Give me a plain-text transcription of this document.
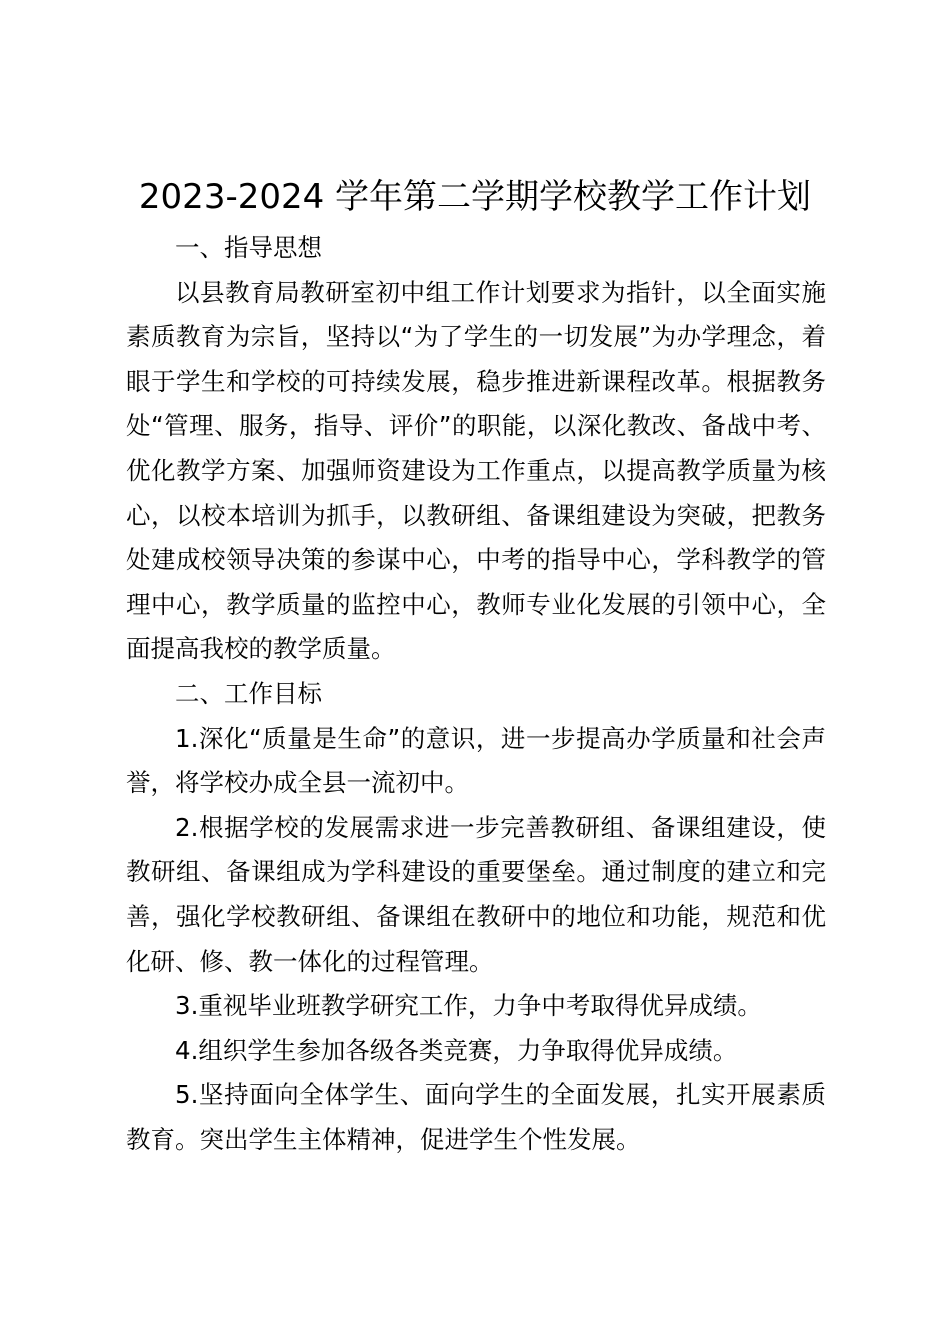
2023-2024 学年第二学期学校教学工作计划
一、指导思想

以县教育局教研室初中组工作计划要求为指针，以全面实施素质教育为宗旨，坚持以“为了学生的一切发展”为办学理念，着眼于学生和学校的可持续发展，稳步推进新课程改革。根据教务处“管理、服务，指导、评价”的职能，以深化教改、备战中考、优化教学方案、加强师资建设为工作重点，以提高教学质量为核心，以校本培训为抓手，以教研组、备课组建设为突破，把教务处建成校领导决策的参谋中心，中考的指导中心，学科教学的管理中心，教学质量的监控中心，教师专业化发展的引领中心，全面提高我校的教学质量。

二、工作目标

1.深化“质量是生命”的意识，进一步提高办学质量和社会声誉，将学校办成全县一流初中。

2.根据学校的发展需求进一步完善教研组、备课组建设，使教研组、备课组成为学科建设的重要堡垒。通过制度的建立和完善，强化学校教研组、备课组在教研中的地位和功能，规范和优化研、修、教一体化的过程管理。

3.重视毕业班教学研究工作，力争中考取得优异成绩。

4.组织学生参加各级各类竞赛，力争取得优异成绩。

5.坚持面向全体学生、面向学生的全面发展，扎实开展素质教育。突出学生主体精神，促进学生个性发展。
